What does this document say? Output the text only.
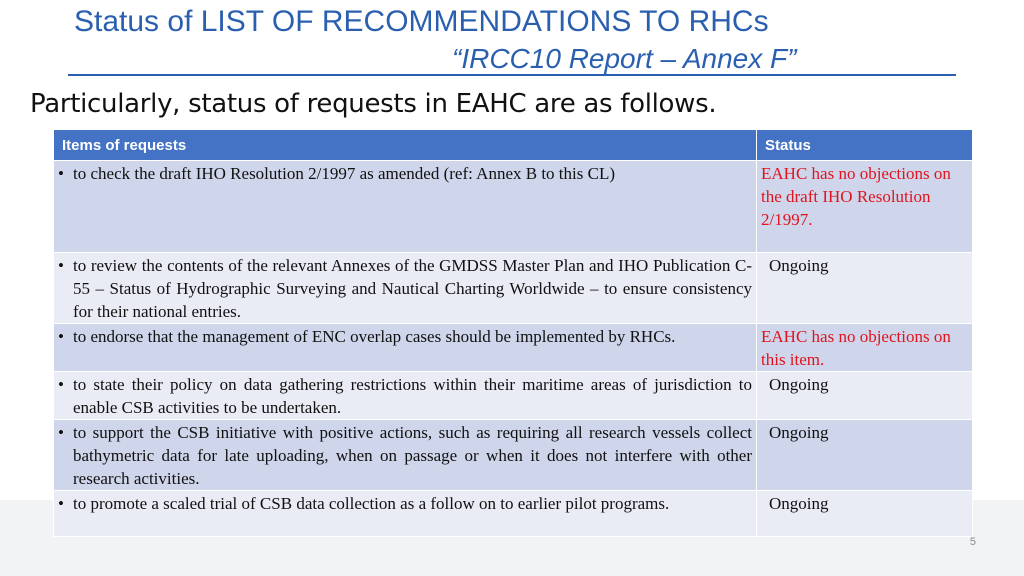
Status of LIST OF RECOMMENDATIONS TO RHCs
“IRCC10 Report – Annex F”
Particularly, status of requests in EAHC are as follows.
Items of requests	Status

• to check the draft IHO Resolution 2/1997 as amended (ref: Annex B to this CL)	EAHC has no objections on the draft IHO Resolution 2/1997.

• to review the contents of the relevant Annexes of the GMDSS Master Plan and IHO Publication C-55 – Status of Hydrographic Surveying and Nautical Charting Worldwide – to ensure consistency for their national entries.	Ongoing

• to endorse that the management of ENC overlap cases should be implemented by RHCs.	EAHC has no objections on this item.

• to state their policy on data gathering restrictions within their maritime areas of jurisdiction to enable CSB activities to be undertaken.	Ongoing

• to support the CSB initiative with positive actions, such as requiring all research vessels collect bathymetric data for late uploading, when on passage or when it does not interfere with other research activities.	Ongoing

• to promote a scaled trial of CSB data collection as a follow on to earlier pilot programs.	Ongoing
5
